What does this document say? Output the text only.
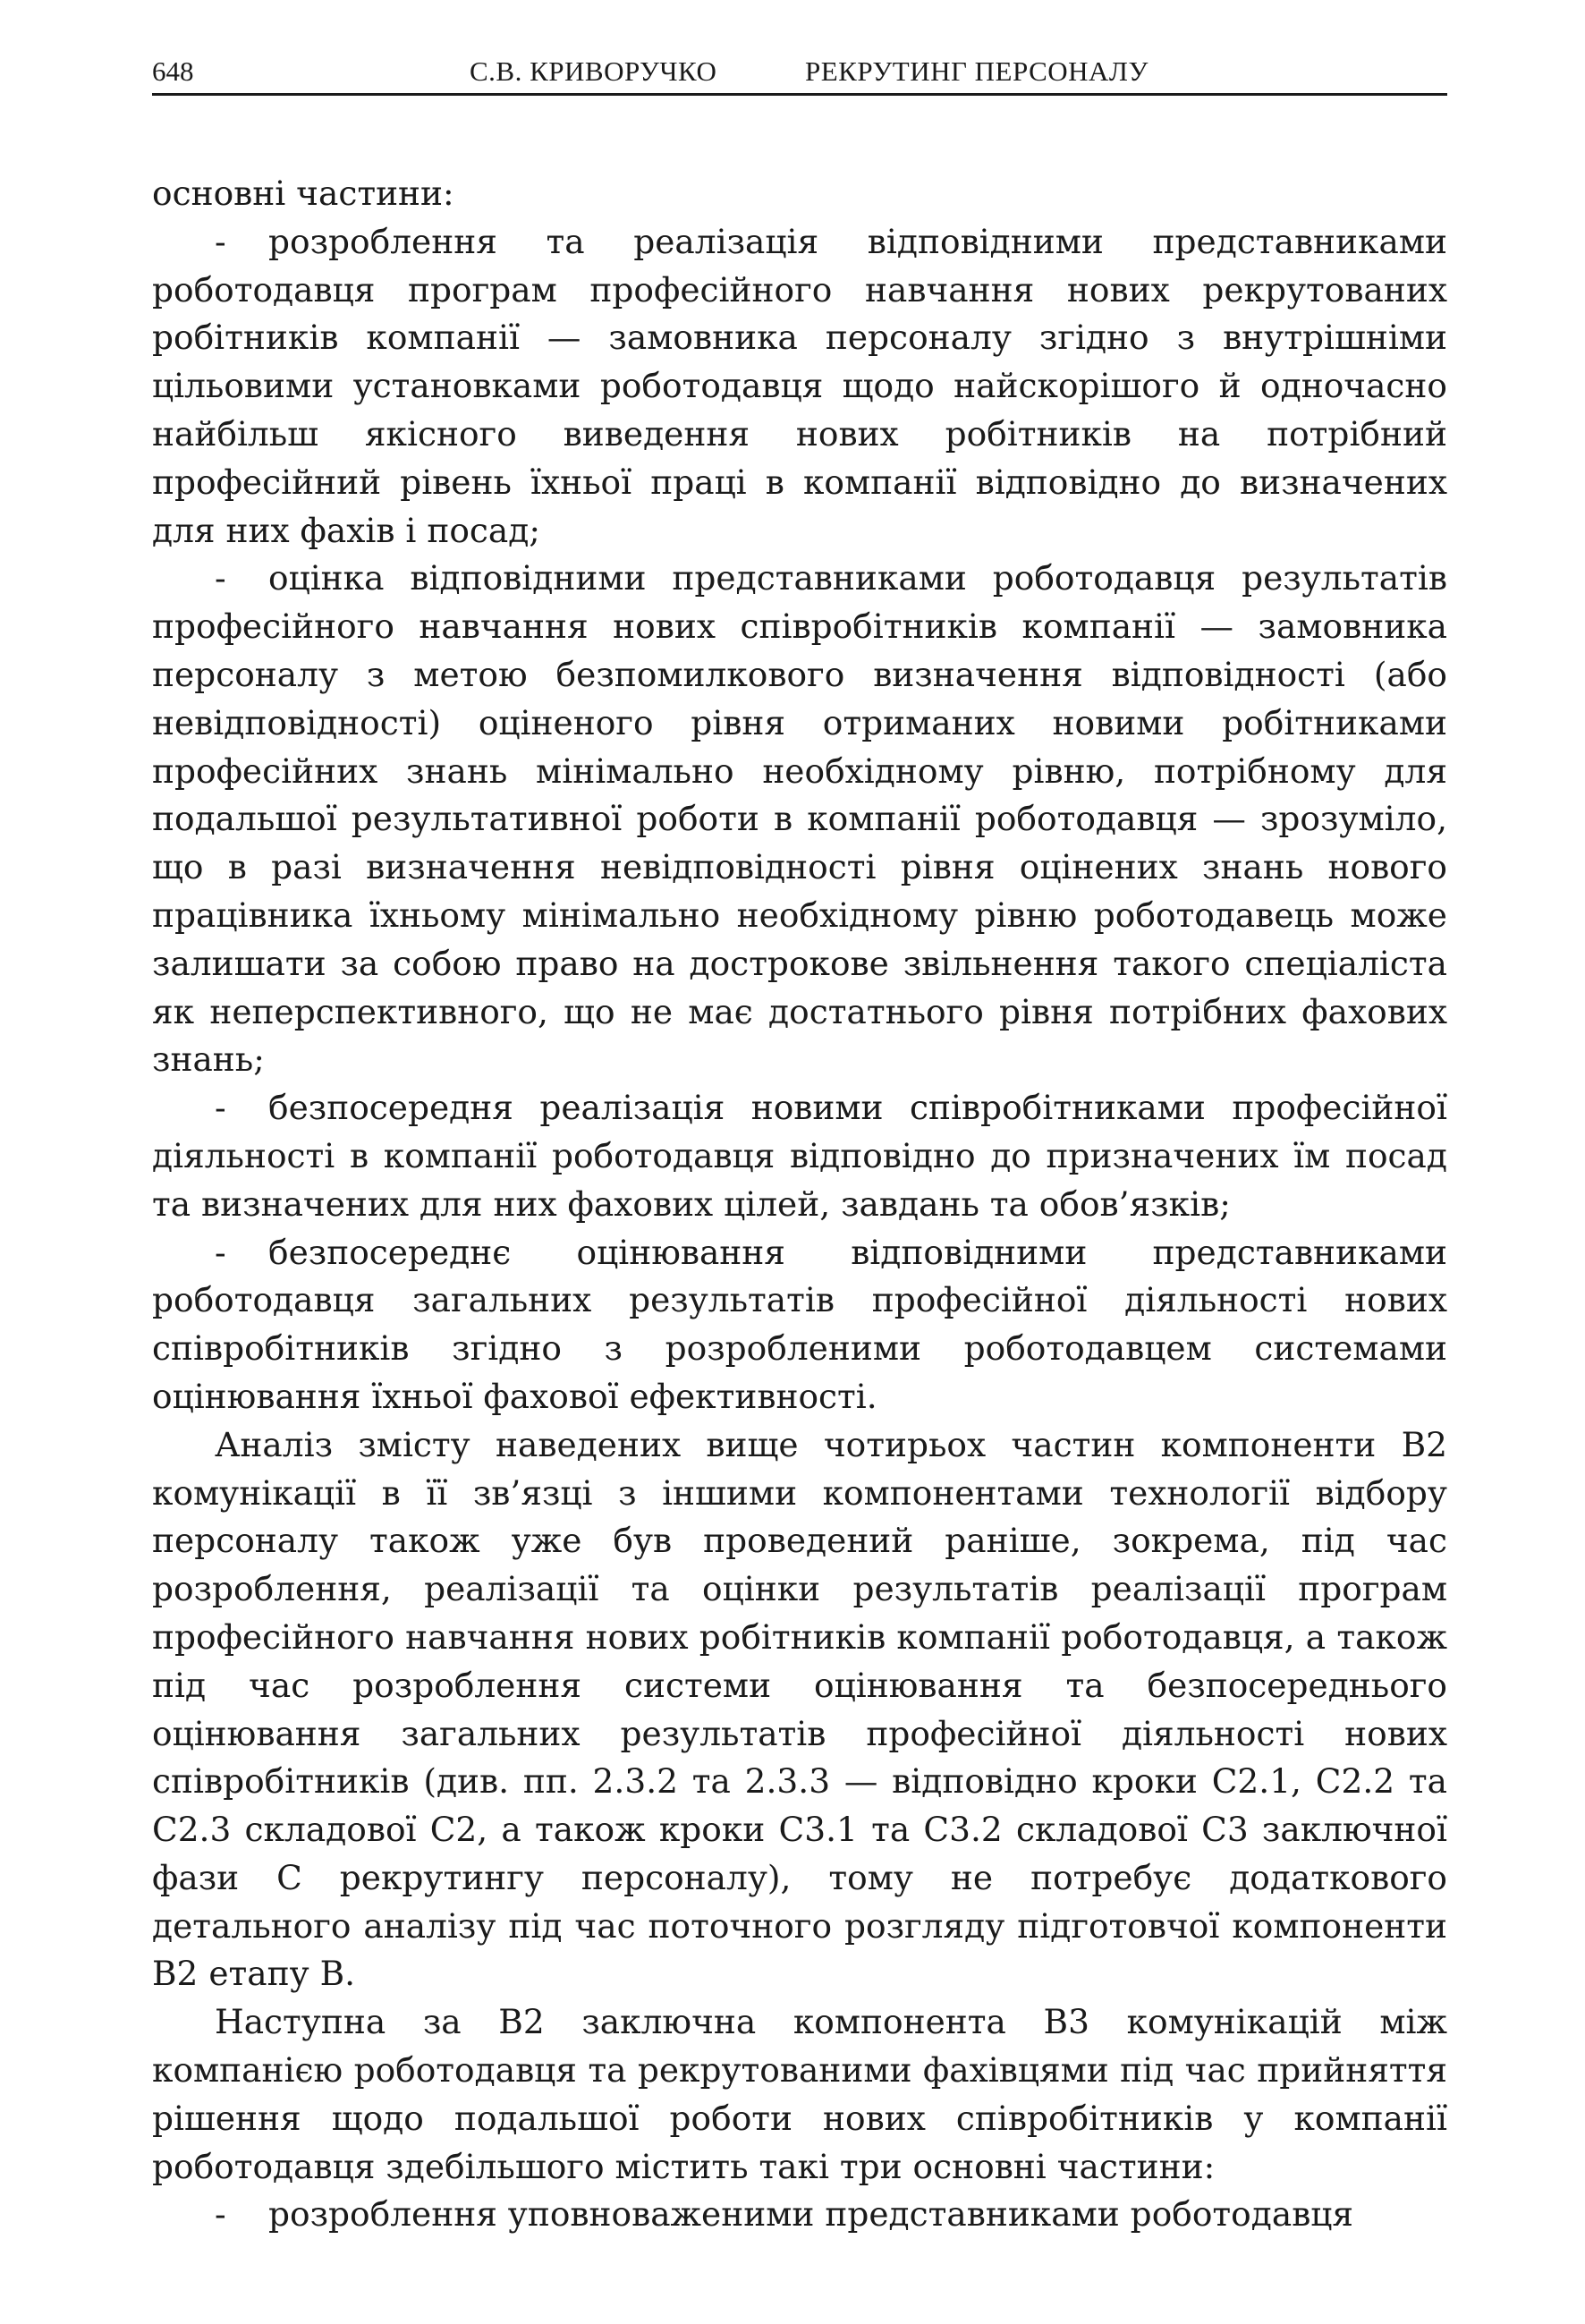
648	С.В. КРИВОРУЧКО	РЕКРУТИНГ ПЕРСОНАЛУ

основні частини:

- розроблення та реалізація відповідними представниками роботодавця програм професійного навчання нових рекрутованих робітників компанії — замовника персоналу згідно з внутрішніми цільовими установками роботодавця щодо найскорішого й одночасно найбільш якісного виведення нових робітників на потрібний професійний рівень їхньої праці в компанії відповідно до визначених для них фахів і посад;

- оцінка відповідними представниками роботодавця результатів професійного навчання нових співробітників компанії — замовника персоналу з метою безпомилкового визначення відповідності (або невідповідності) оціненого рівня отриманих новими робітниками професійних знань мінімально необхідному рівню, потрібному для подальшої результативної роботи в компанії роботодавця — зрозуміло, що в разі визначення невідповідності рівня оцінених знань нового працівника їхньому мінімально необхідному рівню роботодавець може залишати за собою право на дострокове звільнення такого спеціаліста як неперспективного, що не має достатнього рівня потрібних фахових знань;

- безпосередня реалізація новими співробітниками професійної діяльності в компанії роботодавця відповідно до призначених їм посад та визначених для них фахових цілей, завдань та обов’язків;

- безпосереднє оцінювання відповідними представниками роботодавця загальних результатів професійної діяльності нових співробітників згідно з розробленими роботодавцем системами оцінювання їхньої фахової ефективності.

Аналіз змісту наведених вище чотирьох частин компоненти В2 комунікації в її зв’язці з іншими компонентами технології відбору персоналу також уже був проведений раніше, зокрема, під час розроблення, реалізації та оцінки результатів реалізації програм професійного навчання нових робітників компанії роботодавця, а також під час розроблення системи оцінювання та безпосереднього оцінювання загальних результатів професійної діяльності нових співробітників (див. пп. 2.3.2 та 2.3.3 — відповідно кроки С2.1, С2.2 та С2.3 складової С2, а також кроки С3.1 та С3.2 складової С3 заключної фази С рекрутингу персоналу), тому не потребує додаткового детального аналізу під час поточного розгляду підготовчої компоненти В2 етапу В.

Наступна за В2 заключна компонента В3 комунікацій між компанією роботодавця та рекрутованими фахівцями під час прийняття рішення щодо подальшої роботи нових співробітників у компанії роботодавця здебільшого містить такі три основні частини:

- розроблення уповноваженими представниками роботодавця
